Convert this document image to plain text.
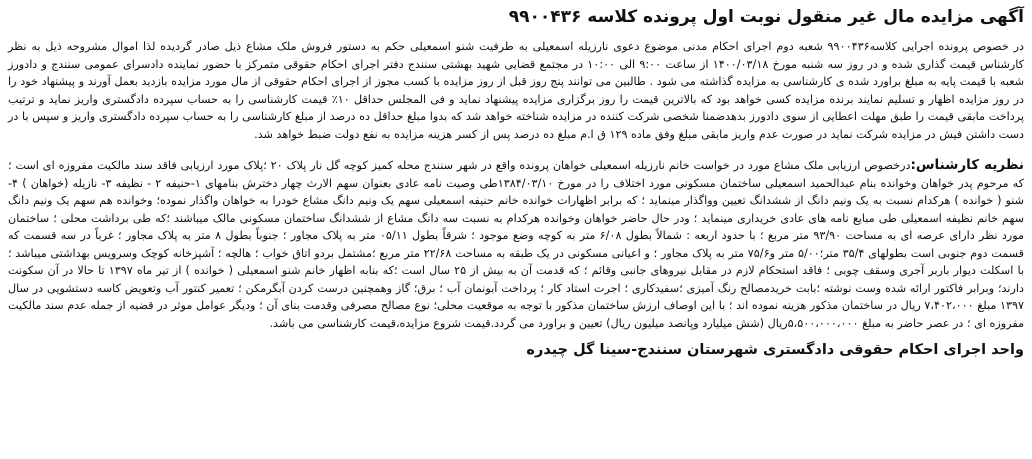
آگهی مزایده مال غیر منقول نوبت اول پرونده کلاسه ۹۹۰۰۴۳۶

در خصوص پرونده اجرایی کلاسه۹۹۰۰۴۳۶ شعبه دوم اجرای احکام مدنی موضوع دعوی نارزیله اسمعیلی به طرفیت شنو اسمعیلی حکم به دستور فروش ملک مشاع ذیل صادر گردیده لذا اموال مشروحه ذیل به نظر کارشناس قیمت گذاری شده و در روز سه شنبه مورخ ۱۴۰۰/۰۳/۱۸ از ساعت ۹:۰۰ الی ۱۰:۰۰ در مجتمع قضایی شهید بهشتی سنندج دفتر اجرای احکام حقوقی متمرکز با حضور نماینده دادسرای عمومی سنندج و دادورز شعبه با قیمت پایه به مبلغ براورد شده ی کارشناسی به مزایده گذاشته می شود . طالبین می توانند پنج روز قبل از روز مزایده با کسب مجوز از اجرای احکام حقوقی از مال مورد مزایده بازدید بعمل آورند و پیشنهاد خود را در روز مزایده اظهار و تسلیم نمایند برنده مزایده کسی خواهد بود که بالاترین قیمت را روز برگزاری مزایده پیشنهاد نماید و فی المجلس حداقل ۱۰٪ قیمت کارشناسی را به حساب سپرده دادگستری واریز نماید و ترتیب پرداخت مابقی قیمت را طبق مهلت اعطایی از سوی دادورز بدهدضمنا شخصی شرکت کننده در مزایده شناخته خواهد شد که بدوا مبلغ حداقل ده درصد از مبلغ کارشناسی را به حساب سپرده دادگستری واریز و سپس با در دست داشتن فیش در مزایده شرکت نماید در صورت عدم واریز مابقی مبلغ وفق ماده ۱۲۹ ق ا.م مبلغ ده درصد پس از کسر هزینه مزایده به نفع دولت ضبط خواهد شد.

نظریه کارشناس:درخصوص ارزیابی ملک مشاع مورد در خواست خانم نارزیله اسمعیلی خواهان پرونده واقع در شهر سنندج محله کمیز کوچه گل نار پلاک ۲۰ ؛پلاک مورد ارزیابی فاقد سند مالکیت مفروزه ای است ؛ که مرحوم پدر خواهان وخوانده بنام عبدالحمید اسمعیلی ساختمان مسکونی مورد اختلاف را در مورخ ۱۳۸۴/۰۳/۱۰طی وصیت نامه عادی بعنوان سهم الارث چهار دخترش بنامهای ۱-حنیفه ۲ - نظیفه ۳- نازیله (خواهان ) ۴- شنو ( خوانده ) هرکدام نسبت به یک ونیم دانگ از ششدانگ تعیین وواگذار مینماید ؛ که برابر اظهارات خوانده خانم حنیفه اسمعیلی سهم یک ونیم دانگ مشاع خودرا به خواهان واگذار نموده؛ وخوانده هم سهم یک ونیم دانگ سهم خانم نظیفه اسمعیلی طی مبایع نامه های عادی خریداری مینماید ؛ ودر حال حاضر خواهان وخوانده هرکدام به نسبت سه دانگ مشاع از ششدانگ ساختمان مسکونی مالک میباشند ؛که طی برداشت محلی ؛ ساختمان مورد نظر دارای عرصه ای به مساحت ۹۳/۹۰ متر مربع ؛ با حدود اربعه : شمالاً بطول ۶/۰۸ متر به کوچه وضع موجود ؛ شرقاً بطول ۰۵/۱۱ متر به پلاک مجاور ؛ جنوباً بطول ۸ متر به پلاک مجاور ؛ غرباً در سه قسمت که قسمت دوم جنوبی است بطولهای ۳۵/۴ متر؛۵/۰۰ متر و۷۵/۶ متر به پلاک مجاور ؛ و اعیانی مسکونی در یک طبقه به مساحت ۲۲/۶۸ متر مربع ؛مشتمل بردو اتاق خواب ؛ هالچه ؛ آشپزخانه کوچک وسرویس بهداشتی میباشد ؛ با اسکلت دیوار باربر آجری وسقف چوبی ؛ فاقد استحکام لازم در مقابل نیروهای جانبی وقائم ؛ که قدمت آن به بیش از ۲۵ سال است ؛که بنابه اظهار خانم شنو اسمعیلی ( خوانده ) از تیر ماه ۱۳۹۷ تا حالا در آن سکونت دارند؛ وبرابر فاکتور ارائه شده وست نوشته ؛بابت خریدمصالح رنگ آمیزی ؛سفیدکاری ؛ اجرت استاد کار ؛ پرداخت آبونمان آب ؛ برق؛ گاز وهمچنین درست کردن آبگرمکن ؛ تعمیر کنتور آب وتعویض کاسه دستشویی در سال ۱۳۹۷ مبلغ ۷،۴۰۲،۰۰۰ ریال در ساختمان مذکور هزینه نموده اند ؛ با این اوصاف ارزش ساختمان مذکور با توجه به موقعیت محلی؛ نوع مصالح مصرفی وقدمت بنای آن ؛ ودیگر عوامل موثر در قضیه از جمله عدم سند مالکیت مفروزه ای ؛ در عصر حاضر به مبلغ ۵،۵۰۰،۰۰۰،۰۰۰ریال (شش میلیارد وپانصد میلیون ریال) تعیین و براورد می گردد.قیمت شروع مزایده،قیمت کارشناسی می باشد.

واحد اجرای احکام حقوقی دادگستری شهرستان سنندج-سینا گل چیدره
